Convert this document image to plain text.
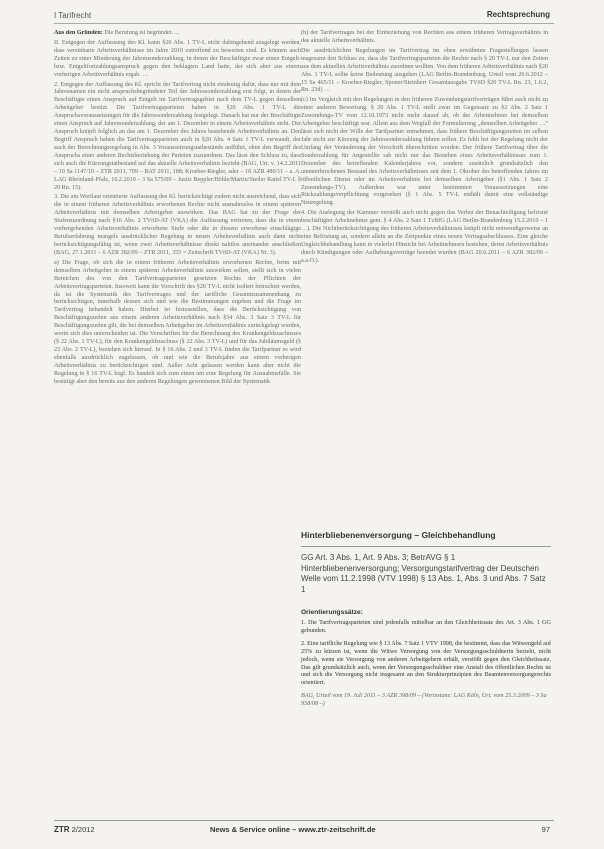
I Tarifrecht	Rechtsprechung

Aus den Gründen: Die Berufung ist begründet. ...

II. Entgegen der Auffassung des Kl. kann §20 Abs. 1 TV-L nicht dahingehend ausgelegt werden, dass vereinbarte Arbeitsverhältnisse im Jahre 2010 zutreffend zu bewerten sind. Es können auch Zeiten zu einer Minderung der Jahressonderzahlung, in denen der Beschäftigte zwar einen Entgelt- bzw. Entgeltfortzahlungsanspruch gegen den beklagten Land hatte, der sich aber aus einem vorherigen Arbeitsverhältnis ergab. …

2. Entgegen der Auffassung des Kl. spricht der Tarifvertrag nicht eindeutig dafür, dass nur mit dem Jahresnamen ein nicht anspruchsbegründeter Teil der Jahressonderzahlung erst folgt, in denen der Beschäftigte einen Anspruch auf Entgelt im Tarifvertragsgebiet nach dem TV-L gegen denselben Arbeitgeber besitzt. Die Tarifvertragsparteien haben in §20 Abs. 1 TV-L die Anspruchsvoraussetzungen für die Jahressonderzahlung festgelegt. Danach hat nur der Beschäftigte einen Anspruch auf Jahressonderzahlung, der am 1. Dezember in einem Arbeitsverhältnis steht. Der Anspruch knüpft folglich an das am 1. Dezember des Jahres bestehende Arbeitsverhältnis an. Den Begriff Anspruch haben die Tarifvertragsparteien auch in §20 Abs. 4 Satz 1 TV-L verwandt, der auch der Berechnungsregelung in Abs. 3 Voraussetzungstatbestände aufführt, ohne den Begriff des Anspruchs einer anderen Rechtsbeziehung der Parteien zuzuordnen. Das lässt den Schluss zu, dass sich auch die Kürzungstatbestand auf das aktuelle Arbeitsverhältnis bezieht (BAG, Urt. v. 14.2.2011 – 10 Sa 1147/10 – ZTR 2011, 709 – BAT 2011, 188; Kroeber-Riegler, ader – 10 AZR 480/11 – a. A. LAG Rheinland-Pfalz, 16.2.2010 – 3 Sa 575/09 – Justiz Beppler/Böhle/Martin/Steiler Raitel TV-L § 20 Rn. 15).

3. Die am Wortlaut orientierte Auffassung des Kl. berücksichtigt zudem nicht ausreichend, dass sich die in einem früheren Arbeitsverhältnis erworbenen Rechte nicht ausnahmslos in einem späteren Arbeitsverhältnis mit demselben Arbeitgeber auswirken. Das BAG hat zu der Frage der Stufenzuordnung nach §16 Abs. 2 TVöD-AT (VKA) die Auffassung vertreten, dass die in einem vorhergehenden Arbeitsverhältnis erworbene Stufe oder die in diesem erworbene einschlägige Berufserfahrung mangels ausdrücklicher Regelung in neuen Arbeitsverhältnis auch dann nicht berücksichtigungsfähig ist, wenn zwei Arbeitsverhältnisse direkt nahtlos aneinander anschließen (BAG, 27.1.2011 – 6 AZR 382/09 – ZTR 2011, 355 = Zeitschrift TVöD-AT (VKA) Nr. 3).

a) Die Frage, ob sich die in einem früheren Arbeitsverhältnis erworbenen Rechte, beim mit demselben Arbeitgeber in einem späteren Arbeitsverhältnis auswirken sollen, stellt sich in vielen Bereichen des von den Tarifvertragsparteien gesetzten Rechts der Pflichten der Arbeitsvertragsparteien. Insoweit kann die Vorschrift des §20 TV-L nicht isoliert betrachtet werden, da ist die Systematik des Tarifvertrages und der tarifliche Gesamtzusammenhang zu berücksichtigen, innerhalb dessen sich und wie die Bestimmungen ergeben und die Frage im Tarifvertrag behandelt haben. Hierbei ist festzustellen, dass die Berücksichtigung von Beschäftigungszeiten aus einem anderen Arbeitsverhältnis nach §34 Abs. 3 Satz 3 TV-L für Beschäftigungszeiten gilt, die bei demselben Arbeitgeber im Arbeitsverhältnis zurückgelegt wurden, worin sich dies unterscheiden ist. Die Vorschriften für die Berechnung des Krankengeldzuschusses (§ 22 Abs. 1 TV-L), für den Krankengeldzuschuss (§ 22 Abs. 3 TV-L) und für das Jubiläumsgeld (§ 23 Abs. 2 TV-L), beziehen sich hierauf. In § 16 Abs. 2 und 3 TV-L finden die Tarifpartner es wird ebenfalls ausdrücklich zugelassen, ob und wie die Berufsjahre aus einem vorherigen Arbeitsverhältnis zu berücksichtigen sind. Außer Acht gelassen werden kann aber nicht die Regelung in § 16 TV-L bzgl. Es handelt sich zum einen um eine Regelung für Ausnahmefälle. Sie bestätigt aber den bereits aus den anderen Regelungen gewonnenen Bild der Systematik

(b) der Tarifvertrages bei der Einbeziehung von Rechten aus einem früheren Vertragsverhältnis in das aktuelle Arbeitsverhältnis.

Die ausdrücklichen Regelungen im Tarifvertrag im oben erwähnten Fragestellungen lassen insgesamt den Schluss zu, dass die Tarifvertragsparteien die Rechte nach § 20 TV-L nur den Zeiten aus dem aktuellen Arbeitsverhältnis zuordnen wollten. Von dem früheren Arbeitsverhältnis nach §20 Abs. 1 TV-L sollte keine Bedeutung ausgehen (LAG Berlin-Brandenburg, Urteil vom 20.6.2012 – 15 Sa 465/11 – Kroeber-Riegler, Sponer/Steinherr Gesamtausgabe TVöD §20 TV-L Rn. 23, 1.6.2, Rn. 23d) …

(c) Im Vergleich mit den Regelungen in den früheren Zuwendungstarifverträgen führt auch nicht zu einer anderen Bewertung. § 20 Abs. 1 TV-L stellt zwar im Gegensatz zu §2 Abs. 2 Satz 1 Zuwendungs-TV vom 12.10.1973 nicht mehr darauf ab, ob der Arbeitnehmer bei demselben Arbeitgeber beschäftigt war. Allein aus dem Wegfall der Formulierung „demselben Arbeitgeber …“ lässt sich nicht der Wille der Tarifpartner entnehmen, dass frühere Beschäftigungszeiten im selben Jahr nicht zur Kürzung der Jahressonderzahlung führen sollen. Es fehlt bei der Regelung nicht der Umfang der Veränderung der Vorschrift überschritten worden. Der frühere Tarifvertrag über die Sonderzahlung für Angestellte sah nicht nur das Bestehen eines Arbeitsverhältnisses zum 1. Dezember des betreffenden Kalenderjahres vor, sondern zusätzlich grundsätzlich den ununterbrochenen Bestand des Arbeitsverhältnisses seit dem 1. Oktober des betreffenden Jahres im öffentlichen Dienst oder im Arbeitsverhältnis bei demselben Arbeitgeber (§1 Abs. 1 Satz 2 Zuwendungs-TV). Außerdem war unter bestimmten Voraussetzungen eine Rückzahlungsverpflichtung vorgesehen (§ 1 Abs. 5 TV-L enthält damit eine vollständige Neuregelung.

4. Die Auslegung der Kammer verstößt auch nicht gegen das Verbot der Benachteiligung befristet beschäftigter Arbeitnehmer gem. § 4 Abs. 2 Satz 1 TzBfG (LAG Berlin-Brandenburg 15.2.2010 – 1 …). Die Nichtberücksichtigung des früheren Arbeitsverhältnisses knüpft nicht notwendigerweise an eine Befristung an, sondern allein an die Zeitpunkte eines neuen Vertragsabschlusses. Eine gleiche Ungleichbehandlung kann in vielerlei Hinsicht bei Arbeitnehmern bestehen, deren Arbeitsverhältnis durch Kündigungen oder Aufhebungsverträge beendet wurden (BAG 20.6.2011 – 6 AZR 382/09 – a.a.O.).

Hinterbliebenenversorgung – Gleichbehandlung
GG Art. 3 Abs. 1, Art. 9 Abs. 3; BetrAVG § 1 Hinterbliebenenversorgung; Versorgungstarifvertrag der Deutschen Welle vom 11.2.1998 (VTV 1998) § 13 Abs. 1, Abs. 3 und Abs. 7 Satz 1
Orientierungssätze:

1. Die Tarifvertragsparteien sind jedenfalls mittelbar an den Gleichheitssatz des Art. 3 Abs. 1 GG gebunden.

2. Eine tarifliche Regelung wie § 13 Abs. 7 Satz 1 VTV 1998, die bestimmt, dass das Witwengeld auf 25% zu kürzen ist, wenn die Witwe Versorgung von der Versorgungsschuldnerin bezieht, nicht jedoch, wenn sie Versorgung von anderen Arbeitgebern erhält, verstößt gegen den Gleichheitssatz. Das gilt grundsätzlich auch, wenn der Versorgungsschuldner eine Anstalt des öffentlichen Rechts ist und sich die Versorgung nicht insgesamt an den Strukturprinzipien des Beamtenversorgungsrechts orientiert.

BAG, Urteil vom 19. Juli 2011 – 3 AZR 398/09 – (Vorinstanz: LAG Köln, Urt. vom 25.3.2009 – 3 Sa 958/08 –)

ZTR 2/2012	News & Service online – www.ztr-zeitschrift.de	97
